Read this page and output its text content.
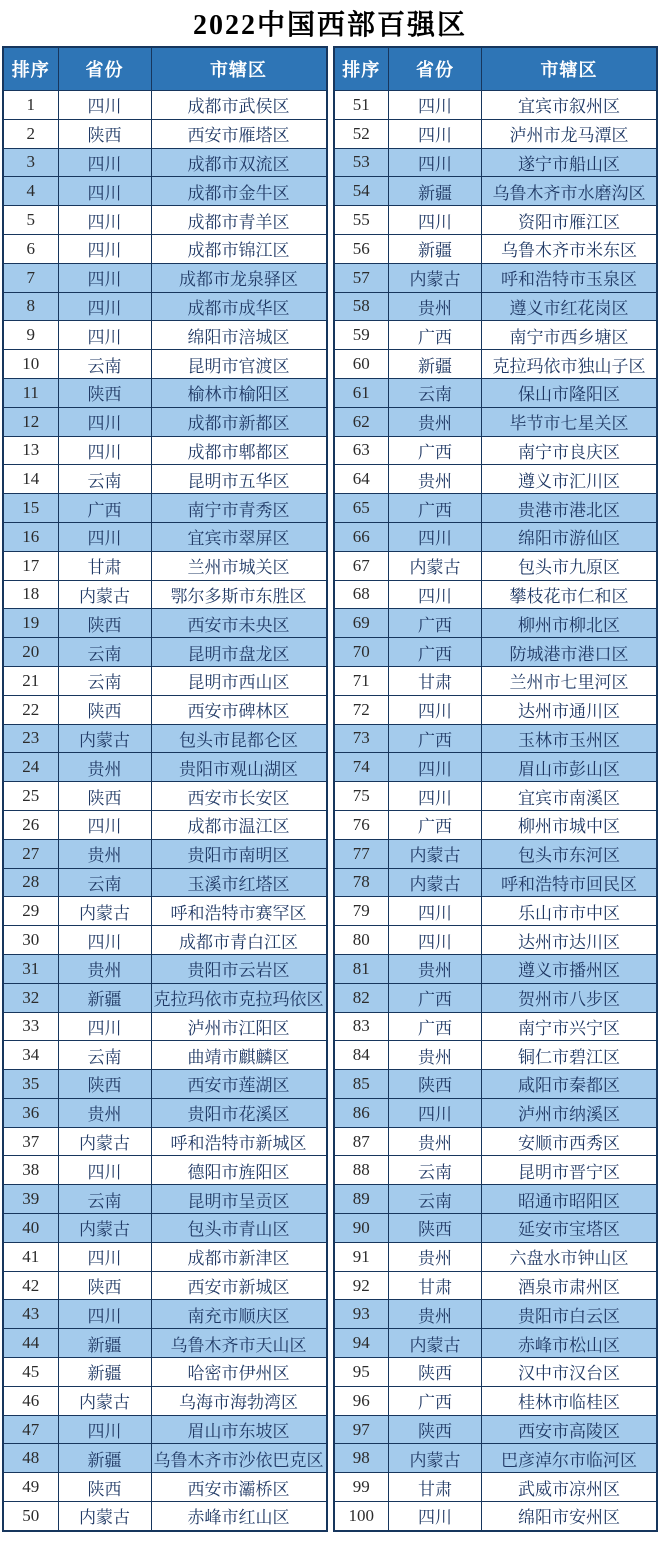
2022中国西部百强区
排序	省份	市辖区
1	四川	成都市武侯区
2	陕西	西安市雁塔区
3	四川	成都市双流区
4	四川	成都市金牛区
5	四川	成都市青羊区
6	四川	成都市锦江区
7	四川	成都市龙泉驿区
8	四川	成都市成华区
9	四川	绵阳市涪城区
10	云南	昆明市官渡区
11	陕西	榆林市榆阳区
12	四川	成都市新都区
13	四川	成都市郫都区
14	云南	昆明市五华区
15	广西	南宁市青秀区
16	四川	宜宾市翠屏区
17	甘肃	兰州市城关区
18	内蒙古	鄂尔多斯市东胜区
19	陕西	西安市未央区
20	云南	昆明市盘龙区
21	云南	昆明市西山区
22	陕西	西安市碑林区
23	内蒙古	包头市昆都仑区
24	贵州	贵阳市观山湖区
25	陕西	西安市长安区
26	四川	成都市温江区
27	贵州	贵阳市南明区
28	云南	玉溪市红塔区
29	内蒙古	呼和浩特市赛罕区
30	四川	成都市青白江区
31	贵州	贵阳市云岩区
32	新疆	克拉玛依市克拉玛依区
33	四川	泸州市江阳区
34	云南	曲靖市麒麟区
35	陕西	西安市莲湖区
36	贵州	贵阳市花溪区
37	内蒙古	呼和浩特市新城区
38	四川	德阳市旌阳区
39	云南	昆明市呈贡区
40	内蒙古	包头市青山区
41	四川	成都市新津区
42	陕西	西安市新城区
43	四川	南充市顺庆区
44	新疆	乌鲁木齐市天山区
45	新疆	哈密市伊州区
46	内蒙古	乌海市海勃湾区
47	四川	眉山市东坡区
48	新疆	乌鲁木齐市沙依巴克区
49	陕西	西安市灞桥区
50	内蒙古	赤峰市红山区
排序	省份	市辖区
51	四川	宜宾市叙州区
52	四川	泸州市龙马潭区
53	四川	遂宁市船山区
54	新疆	乌鲁木齐市水磨沟区
55	四川	资阳市雁江区
56	新疆	乌鲁木齐市米东区
57	内蒙古	呼和浩特市玉泉区
58	贵州	遵义市红花岗区
59	广西	南宁市西乡塘区
60	新疆	克拉玛依市独山子区
61	云南	保山市隆阳区
62	贵州	毕节市七星关区
63	广西	南宁市良庆区
64	贵州	遵义市汇川区
65	广西	贵港市港北区
66	四川	绵阳市游仙区
67	内蒙古	包头市九原区
68	四川	攀枝花市仁和区
69	广西	柳州市柳北区
70	广西	防城港市港口区
71	甘肃	兰州市七里河区
72	四川	达州市通川区
73	广西	玉林市玉州区
74	四川	眉山市彭山区
75	四川	宜宾市南溪区
76	广西	柳州市城中区
77	内蒙古	包头市东河区
78	内蒙古	呼和浩特市回民区
79	四川	乐山市市中区
80	四川	达州市达川区
81	贵州	遵义市播州区
82	广西	贺州市八步区
83	广西	南宁市兴宁区
84	贵州	铜仁市碧江区
85	陕西	咸阳市秦都区
86	四川	泸州市纳溪区
87	贵州	安顺市西秀区
88	云南	昆明市晋宁区
89	云南	昭通市昭阳区
90	陕西	延安市宝塔区
91	贵州	六盘水市钟山区
92	甘肃	酒泉市肃州区
93	贵州	贵阳市白云区
94	内蒙古	赤峰市松山区
95	陕西	汉中市汉台区
96	广西	桂林市临桂区
97	陕西	西安市高陵区
98	内蒙古	巴彦淖尔市临河区
99	甘肃	武威市凉州区
100	四川	绵阳市安州区
